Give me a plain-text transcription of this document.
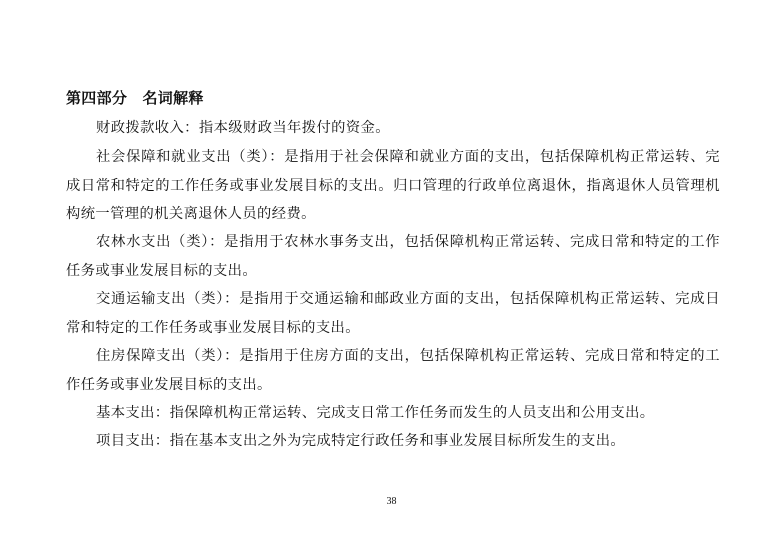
第四部分　名词解释

财政拨款收入：指本级财政当年拨付的资金。

社会保障和就业支出（类）：是指用于社会保障和就业方面的支出，包括保障机构正常运转、完成日常和特定的工作任务或事业发展目标的支出。归口管理的行政单位离退休，指离退休人员管理机构统一管理的机关离退休人员的经费。

农林水支出（类）：是指用于农林水事务支出，包括保障机构正常运转、完成日常和特定的工作任务或事业发展目标的支出。

交通运输支出（类）：是指用于交通运输和邮政业方面的支出，包括保障机构正常运转、完成日常和特定的工作任务或事业发展目标的支出。

住房保障支出（类）：是指用于住房方面的支出，包括保障机构正常运转、完成日常和特定的工作任务或事业发展目标的支出。

基本支出：指保障机构正常运转、完成支日常工作任务而发生的人员支出和公用支出。

项目支出：指在基本支出之外为完成特定行政任务和事业发展目标所发生的支出。

38
